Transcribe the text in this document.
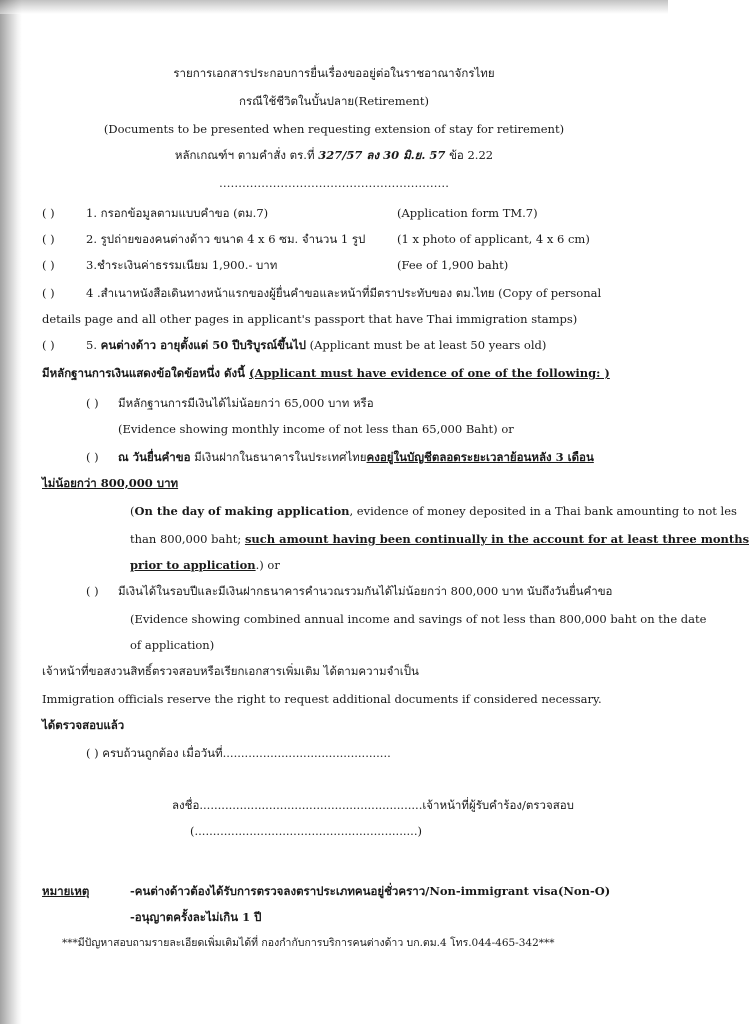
รายการเอกสารประกอบการยื่นเรื่องขออยู่ต่อในราชอาณาจักรไทย
กรณีใช้ชีวิตในบั้นปลาย(Retirement)
(Documents to be presented when requesting extension of stay for retirement)
หลักเกณฑ์ฯ ตามคำสั่ง ตร.ที่ 327/57 ลง 30 มิ.ย. 57 ข้อ 2.22
……………………………………………………
( )	1. กรอกข้อมูลตามแบบคำขอ (ตม.7)	(Application form TM.7)
( )	2. รูปถ่ายของคนต่างด้าว ขนาด 4 x 6 ซม. จำนวน 1 รูป	(1 x photo of applicant, 4 x 6 cm)
( )	3.ชำระเงินค่าธรรมเนียม 1,900.- บาท	(Fee of 1,900 baht)
( )	4 .สำเนาหนังสือเดินทางหน้าแรกของผู้ยื่นคำขอและหน้าที่มีตราประทับของ ตม.ไทย (Copy of personal
details page and all other pages in applicant's passport that have Thai immigration stamps)
( )	5. คนต่างด้าว อายุตั้งแต่ 50 ปีบริบูรณ์ขึ้นไป (Applicant must be at least 50 years old)
มีหลักฐานการเงินแสดงข้อใดข้อหนึ่ง ดังนี้ (Applicant must have evidence of one of the following: )
( ) มีหลักฐานการมีเงินได้ไม่น้อยกว่า 65,000 บาท หรือ
(Evidence showing monthly income of not less than 65,000 Baht) or
( ) ณ วันยื่นคำขอ มีเงินฝากในธนาคารในประเทศไทยคงอยู่ในบัญชีตลอดระยะเวลาย้อนหลัง 3 เดือน
ไม่น้อยกว่า 800,000 บาท
(On the day of making application, evidence of money deposited in a Thai bank amounting to not les
than 800,000 baht; such amount having been continually in the account for at least three months
prior to application.) or
( ) มีเงินได้ในรอบปีและมีเงินฝากธนาคารคำนวณรวมกันได้ไม่น้อยกว่า 800,000 บาท นับถึงวันยื่นคำขอ
(Evidence showing combined annual income and savings of not less than 800,000 baht on the date
of application)
เจ้าหน้าที่ขอสงวนสิทธิ์ตรวจสอบหรือเรียกเอกสารเพิ่มเติม ได้ตามความจำเป็น
Immigration officials reserve the right to request additional documents if considered necessary.
ได้ตรวจสอบแล้ว
( ) ครบถ้วนถูกต้อง เมื่อวันที่..............................................
ลงชื่อ.............................................................เจ้าหน้าที่ผู้รับคำร้อง/ตรวจสอบ
(.............................................................)
หมายเหตุ	-คนต่างด้าวต้องได้รับการตรวจลงตราประเภทคนอยู่ชั่วคราว/Non-immigrant visa(Non-O)
-อนุญาตครั้งละไม่เกิน 1 ปี
***มีปัญหาสอบถามรายละเอียดเพิ่มเติมได้ที่ กองกำกับการบริการคนต่างด้าว บก.ตม.4 โทร.044-465-342***
